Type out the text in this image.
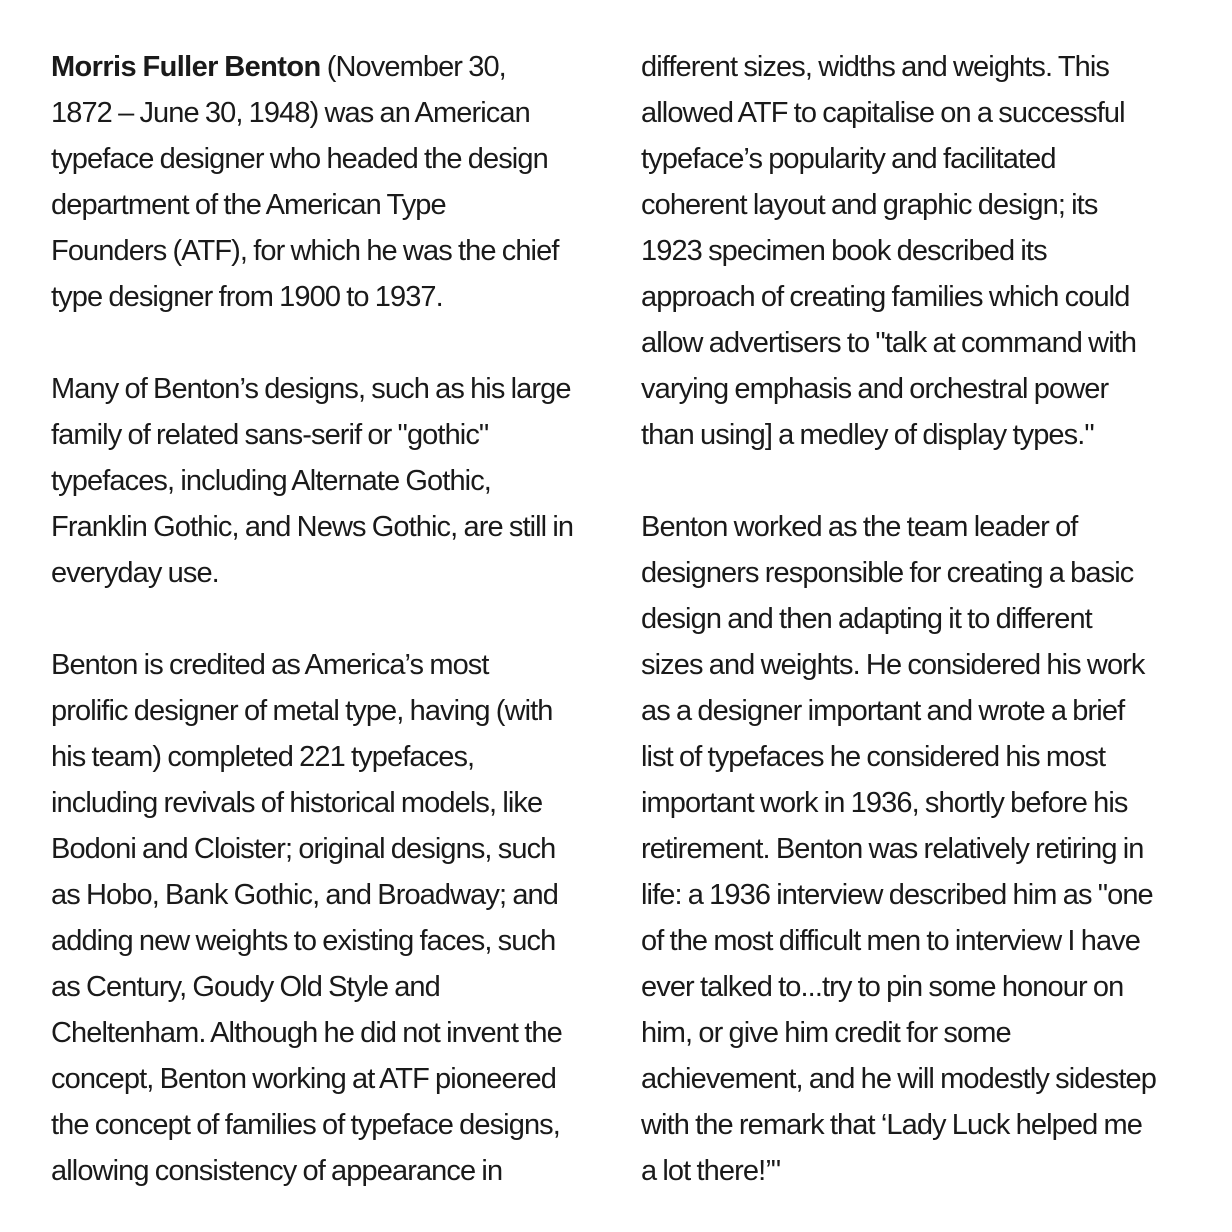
Morris Fuller Benton (November 30,
1872 – June 30, 1948) was an American
typeface designer who headed the design
department of the American Type
Founders (ATF), for which he was the chief
type designer from 1900 to 1937.
Many of Benton’s designs, such as his large
family of related sans-serif or "gothic"
typefaces, including Alternate Gothic,
Franklin Gothic, and News Gothic, are still in
everyday use.
Benton is credited as America’s most
prolific designer of metal type, having (with
his team) completed 221 typefaces,
including revivals of historical models, like
Bodoni and Cloister; original designs, such
as Hobo, Bank Gothic, and Broadway; and
adding new weights to existing faces, such
as Century, Goudy Old Style and
Cheltenham. Although he did not invent the
concept, Benton working at ATF pioneered
the concept of families of typeface designs,
allowing consistency of appearance in
different sizes, widths and weights. This
allowed ATF to capitalise on a successful
typeface’s popularity and facilitated
coherent layout and graphic design; its
1923 specimen book described its
approach of creating families which could
allow advertisers to "talk at command with
varying emphasis and orchestral power
than using] a medley of display types."
Benton worked as the team leader of
designers responsible for creating a basic
design and then adapting it to different
sizes and weights. He considered his work
as a designer important and wrote a brief
list of typefaces he considered his most
important work in 1936, shortly before his
retirement. Benton was relatively retiring in
life: a 1936 interview described him as "one
of the most difficult men to interview I have
ever talked to...try to pin some honour on
him, or give him credit for some
achievement, and he will modestly sidestep
with the remark that ‘Lady Luck helped me
a lot there!’"
